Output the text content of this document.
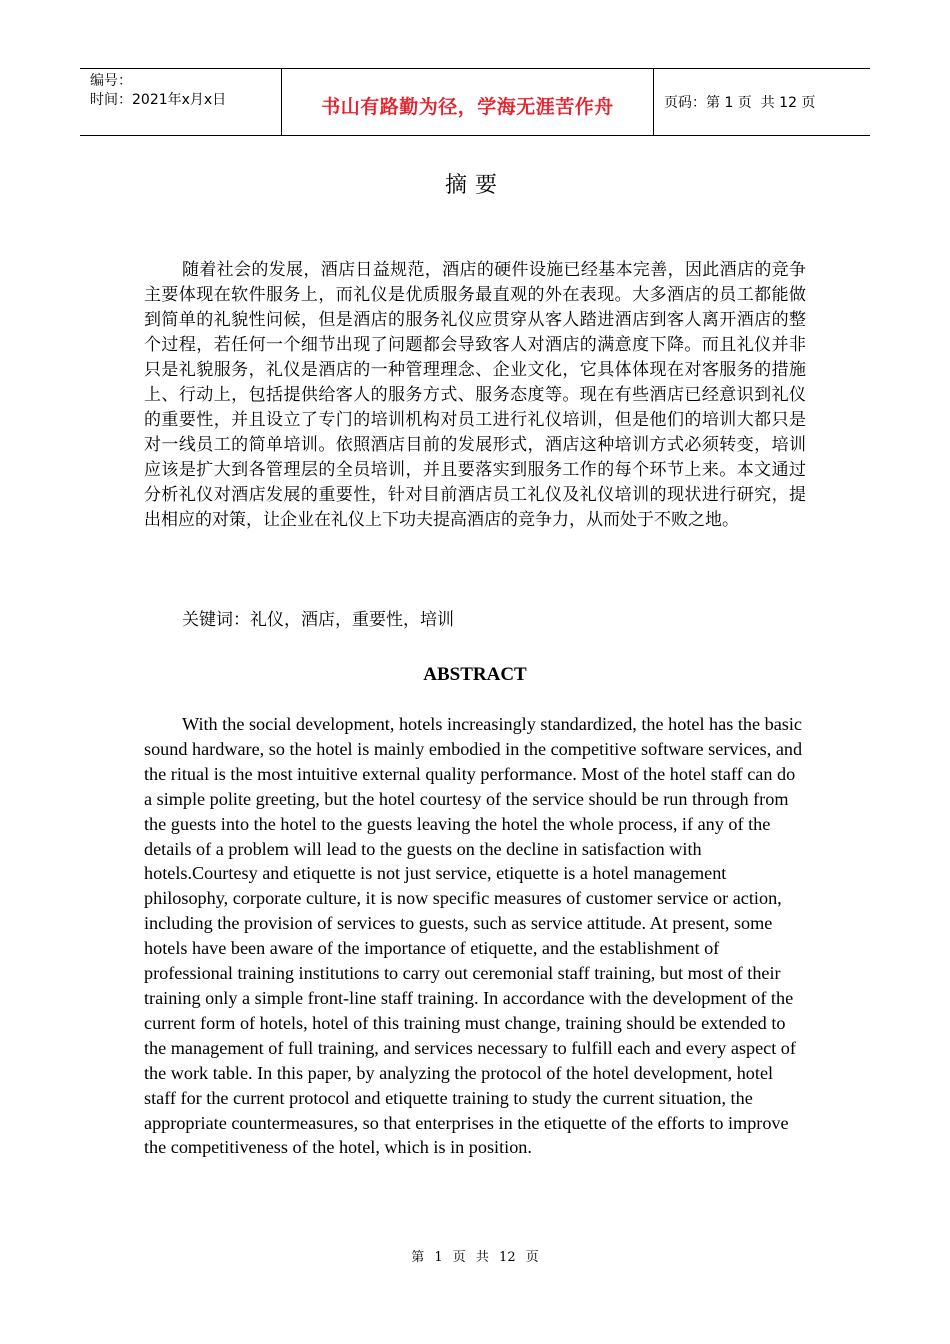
编号：
时间：2021年x月x日	书山有路勤为径，学海无涯苦作舟	页码：第 1 页  共 12 页
摘要

随着社会的发展，酒店日益规范，酒店的硬件设施已经基本完善，因此酒店的竞争主要体现在软件服务上，而礼仪是优质服务最直观的外在表现。大多酒店的员工都能做到简单的礼貌性问候，但是酒店的服务礼仪应贯穿从客人踏进酒店到客人离开酒店的整个过程，若任何一个细节出现了问题都会导致客人对酒店的满意度下降。而且礼仪并非只是礼貌服务，礼仪是酒店的一种管理理念、企业文化，它具体体现在对客服务的措施上、行动上，包括提供给客人的服务方式、服务态度等。现在有些酒店已经意识到礼仪的重要性，并且设立了专门的培训机构对员工进行礼仪培训，但是他们的培训大都只是对一线员工的简单培训。依照酒店目前的发展形式，酒店这种培训方式必须转变，培训应该是扩大到各管理层的全员培训，并且要落实到服务工作的每个环节上来。本文通过分析礼仪对酒店发展的重要性，针对目前酒店员工礼仪及礼仪培训的现状进行研究，提出相应的对策，让企业在礼仪上下功夫提高酒店的竞争力，从而处于不败之地。

关键词：礼仪，酒店，重要性，培训
ABSTRACT

With the social development, hotels increasingly standardized, the hotel has the basic sound hardware, so the hotel is mainly embodied in the competitive software services, and the ritual is the most intuitive external quality performance. Most of the hotel staff can do a simple polite greeting, but the hotel courtesy of the service should be run through from the guests into the hotel to the guests leaving the hotel the whole process, if any of the details of a problem will lead to the guests on the decline in satisfaction with hotels.Courtesy and etiquette is not just service, etiquette is a hotel management philosophy, corporate culture, it is now specific measures of customer service or action, including the provision of services to guests, such as service attitude. At present, some hotels have been aware of the importance of etiquette, and the establishment of professional training institutions to carry out ceremonial staff training, but most of their training only a simple front-line staff training. In accordance with the development of the current form of hotels, hotel of this training must change, training should be extended to the management of full training, and services necessary to fulfill each and every aspect of the work table. In this paper, by analyzing the protocol of the hotel development, hotel staff for the current protocol and etiquette training to study the current situation, the appropriate countermeasures, so that enterprises in the etiquette of the efforts to improve the competitiveness of the hotel, which is in position.

第 1 页 共 12 页
